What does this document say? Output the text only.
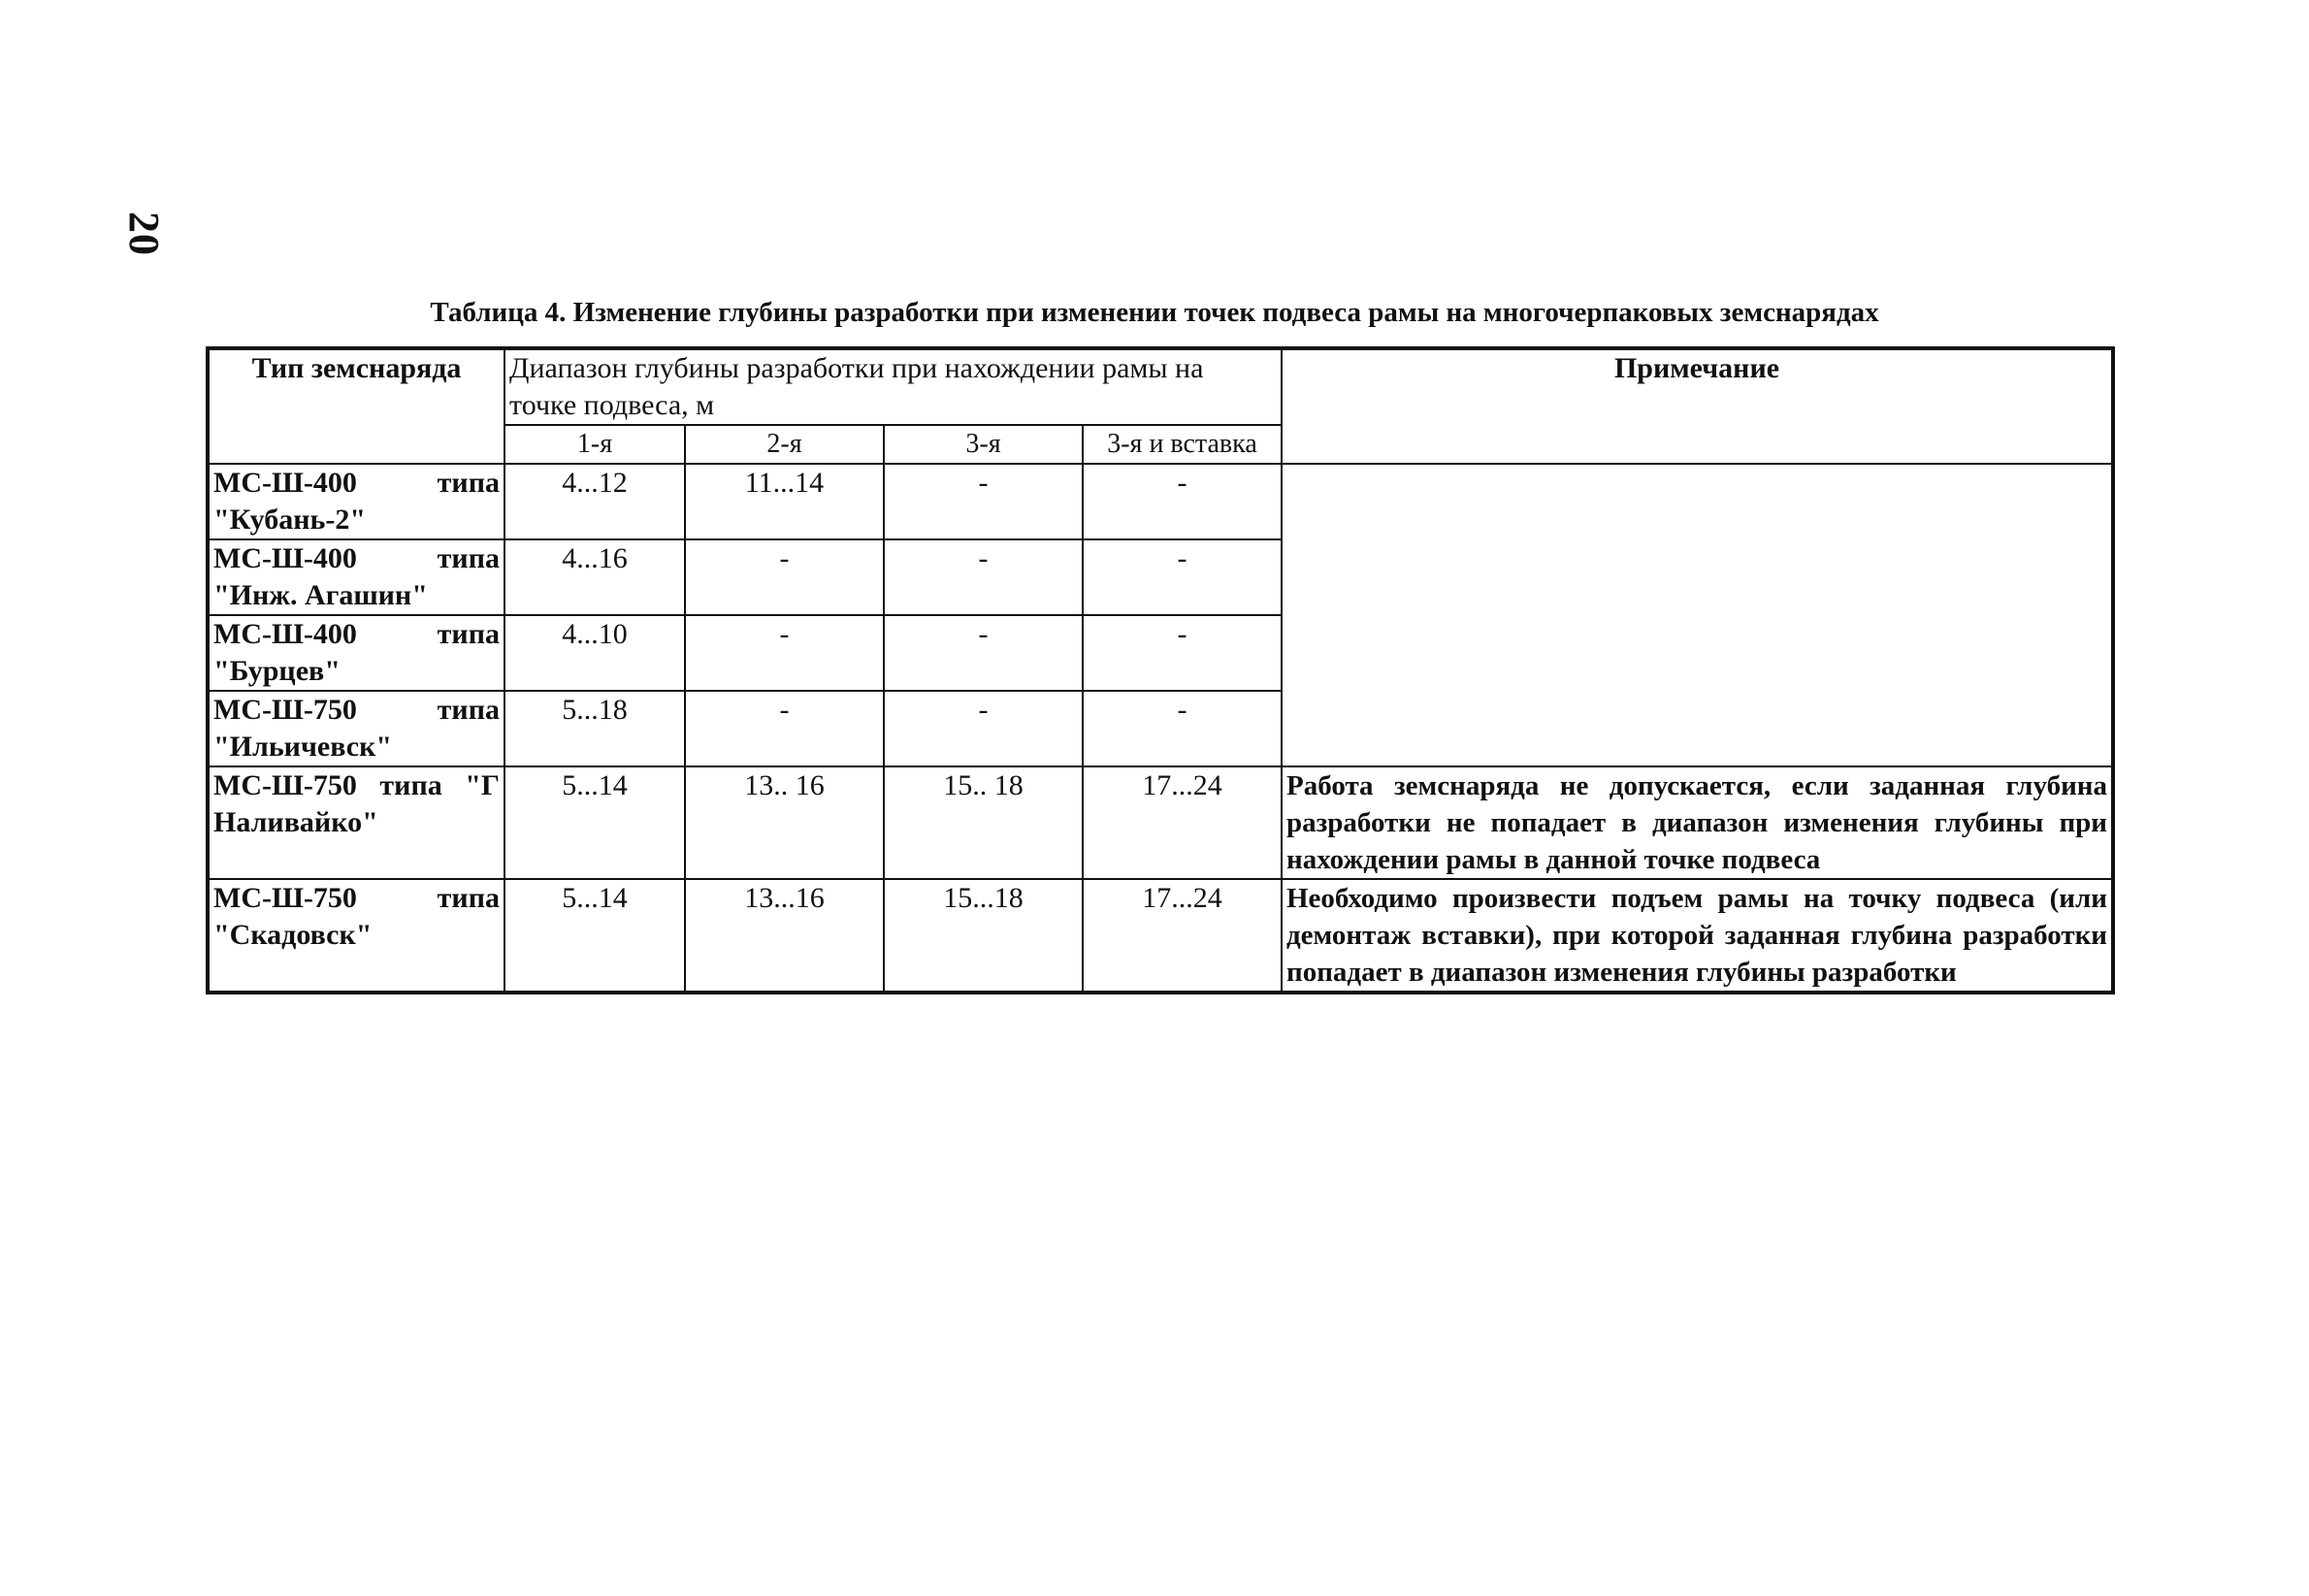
20
Таблица 4. Изменение глубины разработки при изменении точек подвеса рамы на многочерпаковых земснарядах
Тип земснаряда	Диапазон глубины разработки при нахождении рамы на точке подвеса, м				Примечание
	1-я	2-я	3-я	3-я и вставка	
МС-Ш-400 типа "Кубань-2"	4...12	11...14	-	-	
МС-Ш-400 типа "Инж. Агашин"	4...16	-	-	-	
МС-Ш-400 типа "Бурцев"	4...10	-	-	-	
МС-Ш-750 типа "Ильичевск"	5...18	-	-	-	
МС-Ш-750 типа "Г Наливайко"	5...14	13.. 16	15.. 18	17...24	Работа земснаряда не допускается, если заданная глубина разработки не попадает в диапазон изменения глубины при нахождении рамы в данной точке подвеса
МС-Ш-750 типа "Скадовск"	5...14	13...16	15...18	17...24	Необходимо произвести подъем рамы на точку подвеса (или демонтаж вставки), при которой заданная глубина разработки попадает в диапазон изменения глубины разработки
